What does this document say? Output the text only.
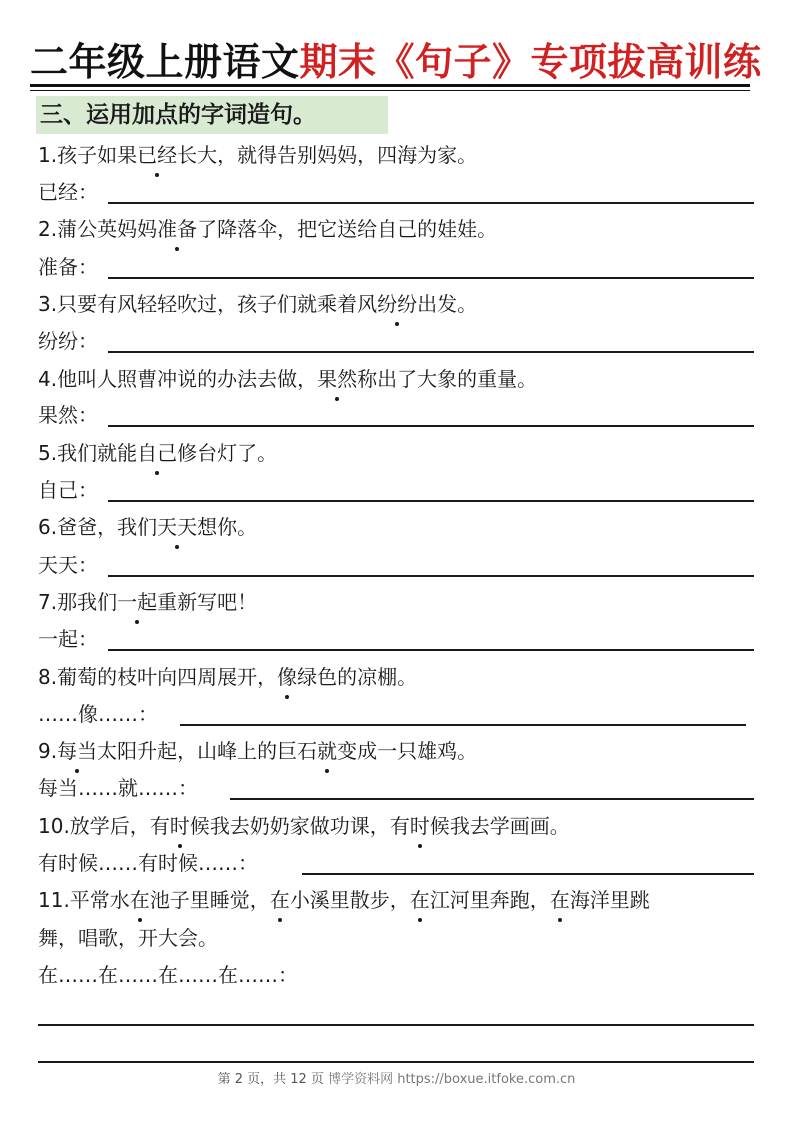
二年级上册语文期末《句子》专项拔高训练
三、运用加点的字词造句。
1.孩子如果已经长大，就得告别妈妈，四海为家。
已经：
2.蒲公英妈妈准备了降落伞，把它送给自己的娃娃。
准备：
3.只要有风轻轻吹过，孩子们就乘着风纷纷出发。
纷纷：
4.他叫人照曹冲说的办法去做，果然称出了大象的重量。
果然：
5.我们就能自己修台灯了。
自己：
6.爸爸，我们天天想你。
天天：
7.那我们一起重新写吧！
一起：
8.葡萄的枝叶向四周展开，像绿色的凉棚。
……像……：
9.每当太阳升起，山峰上的巨石就变成一只雄鸡。
每当……就……：
10.放学后，有时候我去奶奶家做功课，有时候我去学画画。
有时候……有时候……：
11.平常水在池子里睡觉，在小溪里散步，在江河里奔跑，在海洋里跳
舞，唱歌，开大会。
在……在……在……在……：
第 2 页，共 12 页 博学资料网 https://boxue.itfoke.com.cn
